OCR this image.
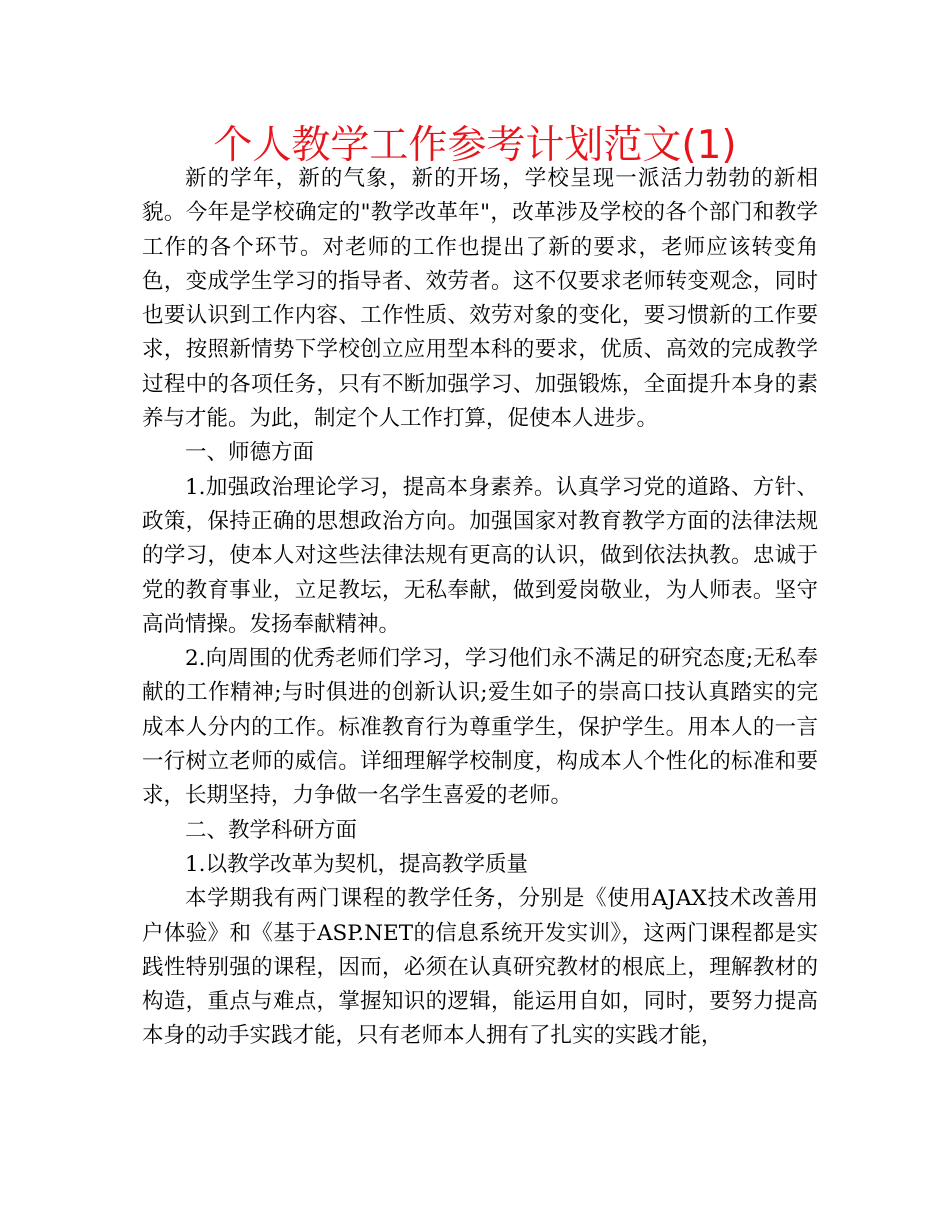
个人教学工作参考计划范文(1)

新的学年，新的气象，新的开场，学校呈现一派活力勃勃的新相貌。今年是学校确定的"教学改革年"，改革涉及学校的各个部门和教学工作的各个环节。对老师的工作也提出了新的要求，老师应该转变角色，变成学生学习的指导者、效劳者。这不仅要求老师转变观念，同时也要认识到工作内容、工作性质、效劳对象的变化，要习惯新的工作要求，按照新情势下学校创立应用型本科的要求，优质、高效的完成教学过程中的各项任务，只有不断加强学习、加强锻炼，全面提升本身的素养与才能。为此，制定个人工作打算，促使本人进步。

一、师德方面

1.加强政治理论学习，提高本身素养。认真学习党的道路、方针、政策，保持正确的思想政治方向。加强国家对教育教学方面的法律法规的学习，使本人对这些法律法规有更高的认识，做到依法执教。忠诚于党的教育事业，立足教坛，无私奉献，做到爱岗敬业，为人师表。坚守高尚情操。发扬奉献精神。

2.向周围的优秀老师们学习，学习他们永不满足的研究态度;无私奉献的工作精神;与时俱进的创新认识;爱生如子的崇高口技认真踏实的完成本人分内的工作。标准教育行为尊重学生，保护学生。用本人的一言一行树立老师的威信。详细理解学校制度，构成本人个性化的标准和要求，长期坚持，力争做一名学生喜爱的老师。

二、教学科研方面

1.以教学改革为契机，提高教学质量

本学期我有两门课程的教学任务，分别是《使用AJAX技术改善用户体验》和《基于ASP.NET的信息系统开发实训》，这两门课程都是实践性特别强的课程，因而，必须在认真研究教材的根底上，理解教材的构造，重点与难点，掌握知识的逻辑，能运用自如，同时，要努力提高本身的动手实践才能，只有老师本人拥有了扎实的实践才能，
